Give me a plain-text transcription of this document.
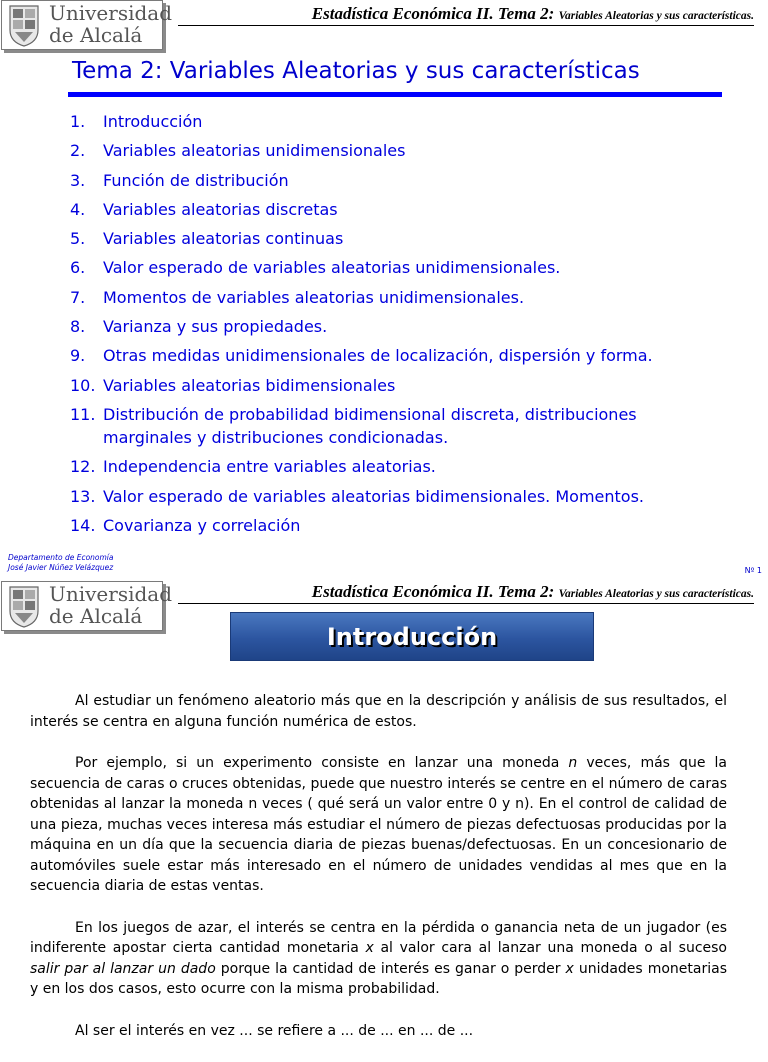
Universidad
de Alcalá
Estadística Económica II. Tema 2: Variables Aleatorias y sus características.
Tema 2: Variables Aleatorias y sus características
1. Introducción
2. Variables aleatorias unidimensionales
3. Función de distribución
4. Variables aleatorias discretas
5. Variables aleatorias continuas
6. Valor esperado de variables aleatorias unidimensionales.
7. Momentos de variables aleatorias unidimensionales.
8. Varianza y sus propiedades.
9. Otras medidas unidimensionales de localización, dispersión y forma.
10. Variables aleatorias bidimensionales
11. Distribución de probabilidad bidimensional discreta, distribuciones marginales y distribuciones condicionadas.
12. Independencia entre variables aleatorias.
13. Valor esperado de variables aleatorias bidimensionales. Momentos.
14. Covarianza y correlación
Departamento de Economía
José Javier Núñez Velázquez	Nº 1
Universidad
de Alcalá
Estadística Económica II. Tema 2: Variables Aleatorias y sus características.
Introducción

Al estudiar un fenómeno aleatorio más que en la descripción y análisis de sus resultados, el interés se centra en alguna función numérica de estos.

Por ejemplo, si un experimento consiste en lanzar una moneda n veces, más que la secuencia de caras o cruces obtenidas, puede que nuestro interés se centre en el número de caras obtenidas al lanzar la moneda n veces ( qué será un valor entre 0 y n). En el control de calidad de una pieza, muchas veces interesa más estudiar el número de piezas defectuosas producidas por la máquina en un día que la secuencia diaria de piezas buenas/defectuosas. En un concesionario de automóviles suele estar más interesado en el número de unidades vendidas al mes que en la secuencia diaria de estas ventas.

En los juegos de azar, el interés se centra en la pérdida o ganancia neta de un jugador (es indiferente apostar cierta cantidad monetaria x al valor cara al lanzar una moneda o al suceso salir par al lanzar un dado porque la cantidad de interés es ganar o perder x unidades monetarias y en los dos casos, esto ocurre con la misma probabilidad.

Al ser el interés en vez ... se refiere a ... de ... en ... de ...
